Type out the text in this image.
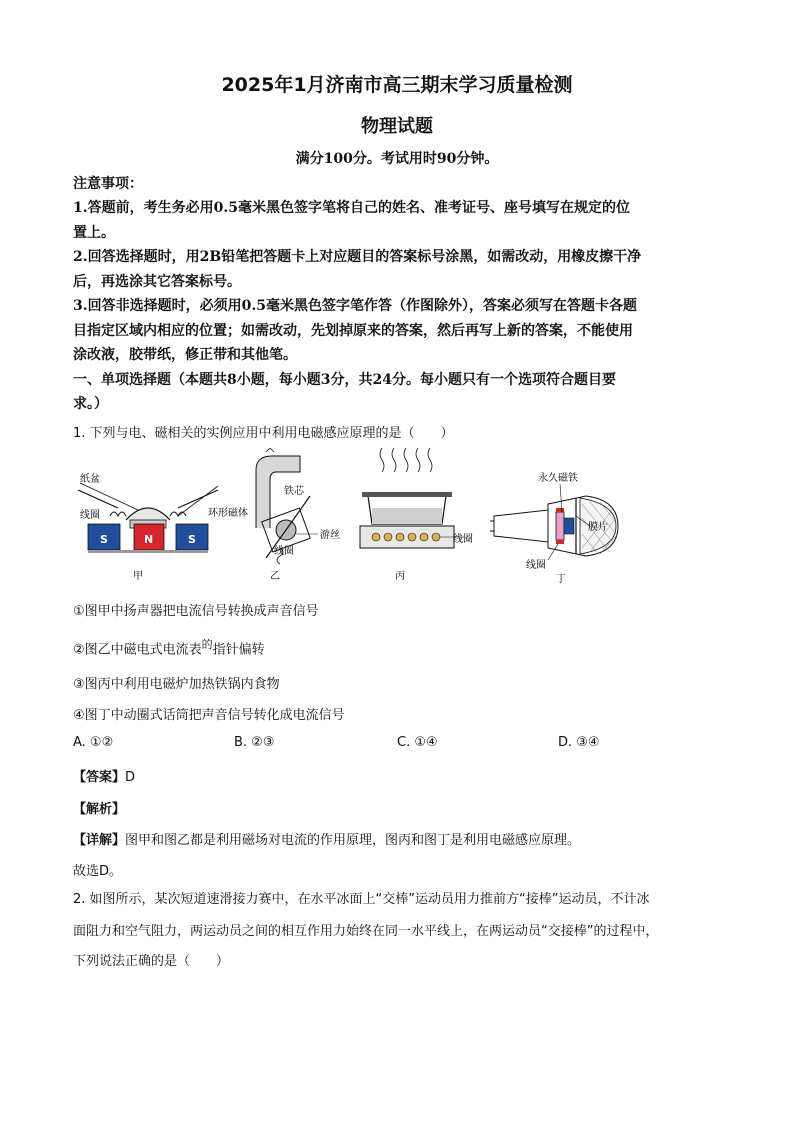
2025年1月济南市高三期末学习质量检测
物理试题
满分100分。考试用时90分钟。
注意事项：
1.答题前，考生务必用0.5毫米黑色签字笔将自己的姓名、准考证号、座号填写在规定的位
置上。
2.回答选择题时，用2B铅笔把答题卡上对应题目的答案标号涂黑，如需改动，用橡皮擦干净
后，再选涂其它答案标号。
3.回答非选择题时，必须用0.5毫米黑色签字笔作答（作图除外），答案必须写在答题卡各题
目指定区域内相应的位置；如需改动，先划掉原来的答案，然后再写上新的答案，不能使用
涂改液，胶带纸，修正带和其他笔。
一、单项选择题（本题共8小题，每小题3分，共24分。每小题只有一个选项符合题目要
求。）
1. 下列与电、磁相关的实例应用中利用电磁感应原理的是（　　）
S	N	S
纸盆
线圈	环形磁体
甲
铁芯
游丝
线圈
乙
线圈
丙
永久磁铁
膜片
线圈
丁
①图甲中扬声器把电流信号转换成声音信号
②图乙中磁电式电流表$^的$指针偏转
③图丙中利用电磁炉加热铁锅内食物
④图丁中动圈式话筒把声音信号转化成电流信号
A. ①②	B. ②③	C. ①④	D. ③④
【答案】D
【解析】
【详解】图甲和图乙都是利用磁场对电流的作用原理，图丙和图丁是利用电磁感应原理。
故选D。
2. 如图所示，某次短道速滑接力赛中，在水平冰面上“交棒”运动员用力推前方“接棒”运动员，不计冰
面阻力和空气阻力，两运动员之间的相互作用力始终在同一水平线上，在两运动员“交接棒”的过程中，
下列说法正确的是（　　）
